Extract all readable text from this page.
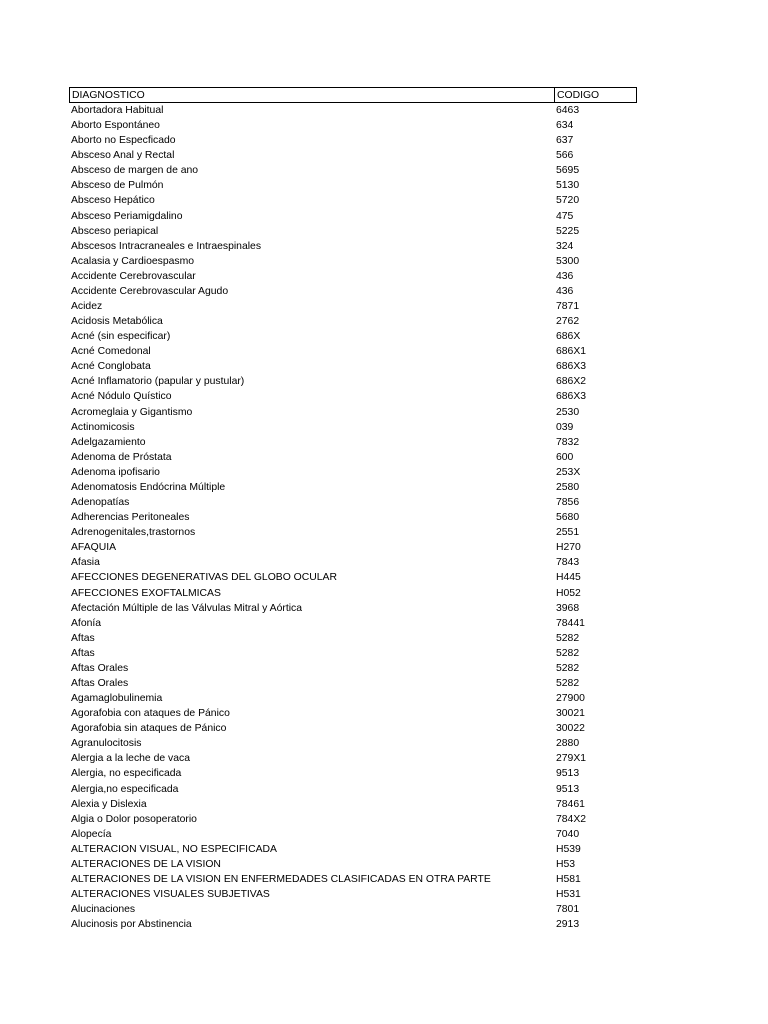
DIAGNOSTICO	CODIGO
Abortadora Habitual	6463
Aborto Espontáneo	634
Aborto no Especficado	637
Absceso Anal y Rectal	566
Absceso de margen de ano	5695
Absceso de Pulmón	5130
Absceso Hepático	5720
Absceso Periamigdalino	475
Absceso periapical	5225
Abscesos Intracraneales e Intraespinales	324
Acalasia y Cardioespasmo	5300
Accidente Cerebrovascular	436
Accidente Cerebrovascular Agudo	436
Acidez	7871
Acidosis Metabólica	2762
Acné (sin especificar)	686X
Acné Comedonal	686X1
Acné Conglobata	686X3
Acné Inflamatorio (papular y pustular)	686X2
Acné Nódulo Quístico	686X3
Acromeglaia y Gigantismo	2530
Actinomicosis	039
Adelgazamiento	7832
Adenoma de Próstata	600
Adenoma ipofisario	253X
Adenomatosis Endócrina Múltiple	2580
Adenopatías	7856
Adherencias Peritoneales	5680
Adrenogenitales,trastornos	2551
AFAQUIA	H270
Afasia	7843
AFECCIONES DEGENERATIVAS DEL GLOBO OCULAR	H445
AFECCIONES EXOFTALMICAS	H052
Afectación Múltiple de las Válvulas Mitral y Aórtica	3968
Afonía	78441
Aftas	5282
Aftas	5282
Aftas Orales	5282
Aftas Orales	5282
Agamaglobulinemia	27900
Agorafobia con ataques de Pánico	30021
Agorafobia sin ataques de Pánico	30022
Agranulocitosis	2880
Alergia a la leche de vaca	279X1
Alergia, no especificada	9513
Alergia,no especificada	9513
Alexia y Dislexia	78461
Algia o Dolor posoperatorio	784X2
Alopecía	7040
ALTERACION VISUAL, NO ESPECIFICADA	H539
ALTERACIONES DE LA VISION	H53
ALTERACIONES DE LA VISION EN ENFERMEDADES CLASIFICADAS EN OTRA PARTE	H581
ALTERACIONES VISUALES SUBJETIVAS	H531
Alucinaciones	7801
Alucinosis por Abstinencia	2913
